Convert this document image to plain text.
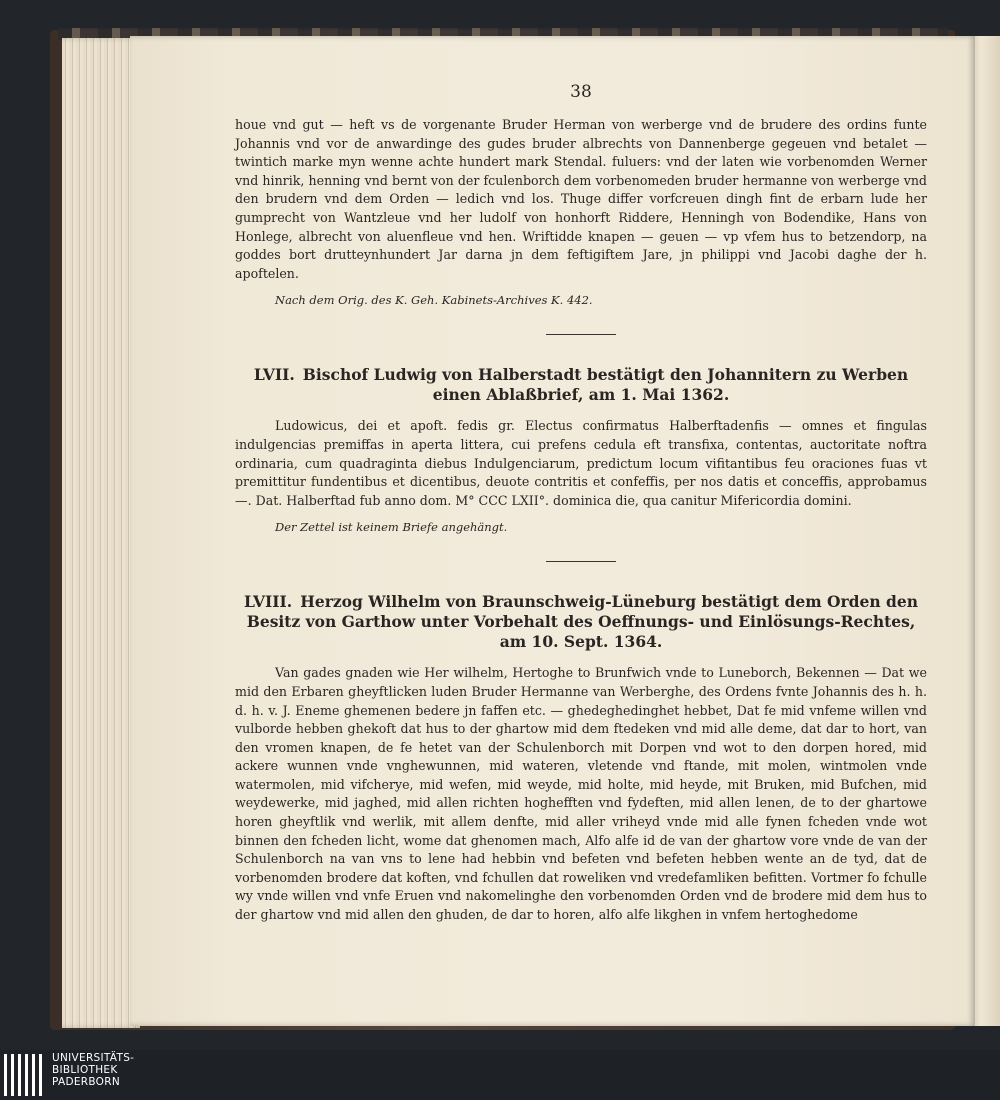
38

houe vnd gut — heft vs de vorgenante Bruder Herman von werberge vnd de brudere des ordins funte Johannis vnd vor de anwardinge des gudes bruder albrechts von Dannenberge gegeuen vnd betalet — twintich marke myn wenne achte hundert mark Stendal. fuluers: vnd der laten wie vorbenomden Werner vnd hinrik, henning vnd bernt von der fculenborch dem vorbenomeden bruder hermanne von werberge vnd den brudern vnd dem Orden — ledich vnd los. Thuge differ vorfcreuen dingh fint de erbarn lude her gumprecht von Wantzleue vnd her ludolf von honhorft Riddere, Henningh von Bodendike, Hans von Honlege, albrecht von aluenfleue vnd hen. Wriftidde knapen — geuen — vp vfem hus to betzendorp, na goddes bort drutteynhundert Jar darna jn dem feftigiftem Jare, jn philippi vnd Jacobi daghe der h. apoftelen.

Nach dem Orig. des K. Geh. Kabinets-Archives K. 442.

LVII. Bischof Ludwig von Halberstadt bestätigt den Johannitern zu Werben einen Ablaßbrief, am 1. Mai 1362.

Ludowicus, dei et apoft. fedis gr. Electus confirmatus Halberftadenfis — omnes et fingulas indulgencias premiffas in aperta littera, cui prefens cedula eft transfixa, contentas, auctoritate noftra ordinaria, cum quadraginta diebus Indulgenciarum, predictum locum vifitantibus feu oraciones fuas vt premittitur fundentibus et dicentibus, deuote contritis et confeffis, per nos datis et conceffis, approbamus —. Dat. Halberftad fub anno dom. M° CCC LXII°. dominica die, qua canitur Mifericordia domini.

Der Zettel ist keinem Briefe angehängt.

LVIII. Herzog Wilhelm von Braunschweig-Lüneburg bestätigt dem Orden den Besitz von Garthow unter Vorbehalt des Oeffnungs- und Einlösungs-Rechtes, am 10. Sept. 1364.

Van gades gnaden wie Her wilhelm, Hertoghe to Brunfwich vnde to Luneborch, Bekennen — Dat we mid den Erbaren gheyftlicken luden Bruder Hermanne van Werberghe, des Ordens fvnte Johannis des h. h. d. h. v. J. Eneme ghemenen bedere jn faffen etc. — ghedeghedinghet hebbet, Dat fe mid vnfeme willen vnd vulborde hebben ghekoft dat hus to der ghartow mid dem ftedeken vnd mid alle deme, dat dar to hort, van den vromen knapen, de fe hetet van der Schulenborch mit Dorpen vnd wot to den dorpen hored, mid ackere wunnen vnde vnghewunnen, mid wateren, vletende vnd ftande, mit molen, wintmolen vnde watermolen, mid vifcherye, mid wefen, mid weyde, mid holte, mid heyde, mit Bruken, mid Bufchen, mid weydewerke, mid jaghed, mid allen richten hoghefften vnd fydeften, mid allen lenen, de to der ghartowe horen gheyftlik vnd werlik, mit allem denfte, mid aller vriheyd vnde mid alle fynen fcheden vnde wot binnen den fcheden licht, wome dat ghenomen mach, Alfo alfe id de van der ghartow vore vnde de van der Schulenborch na van vns to lene had hebbin vnd befeten vnd befeten hebben wente an de tyd, dat de vorbenomden brodere dat koften, vnd fchullen dat roweliken vnd vredefamliken befitten. Vortmer fo fchulle wy vnde willen vnd vnfe Eruen vnd nakomelinghe den vorbenomden Orden vnd de brodere mid dem hus to der ghartow vnd mid allen den ghuden, de dar to horen, alfo alfe likghen in vnfem hertoghedome

UNIVERSITÄTS-
BIBLIOTHEK
PADERBORN
